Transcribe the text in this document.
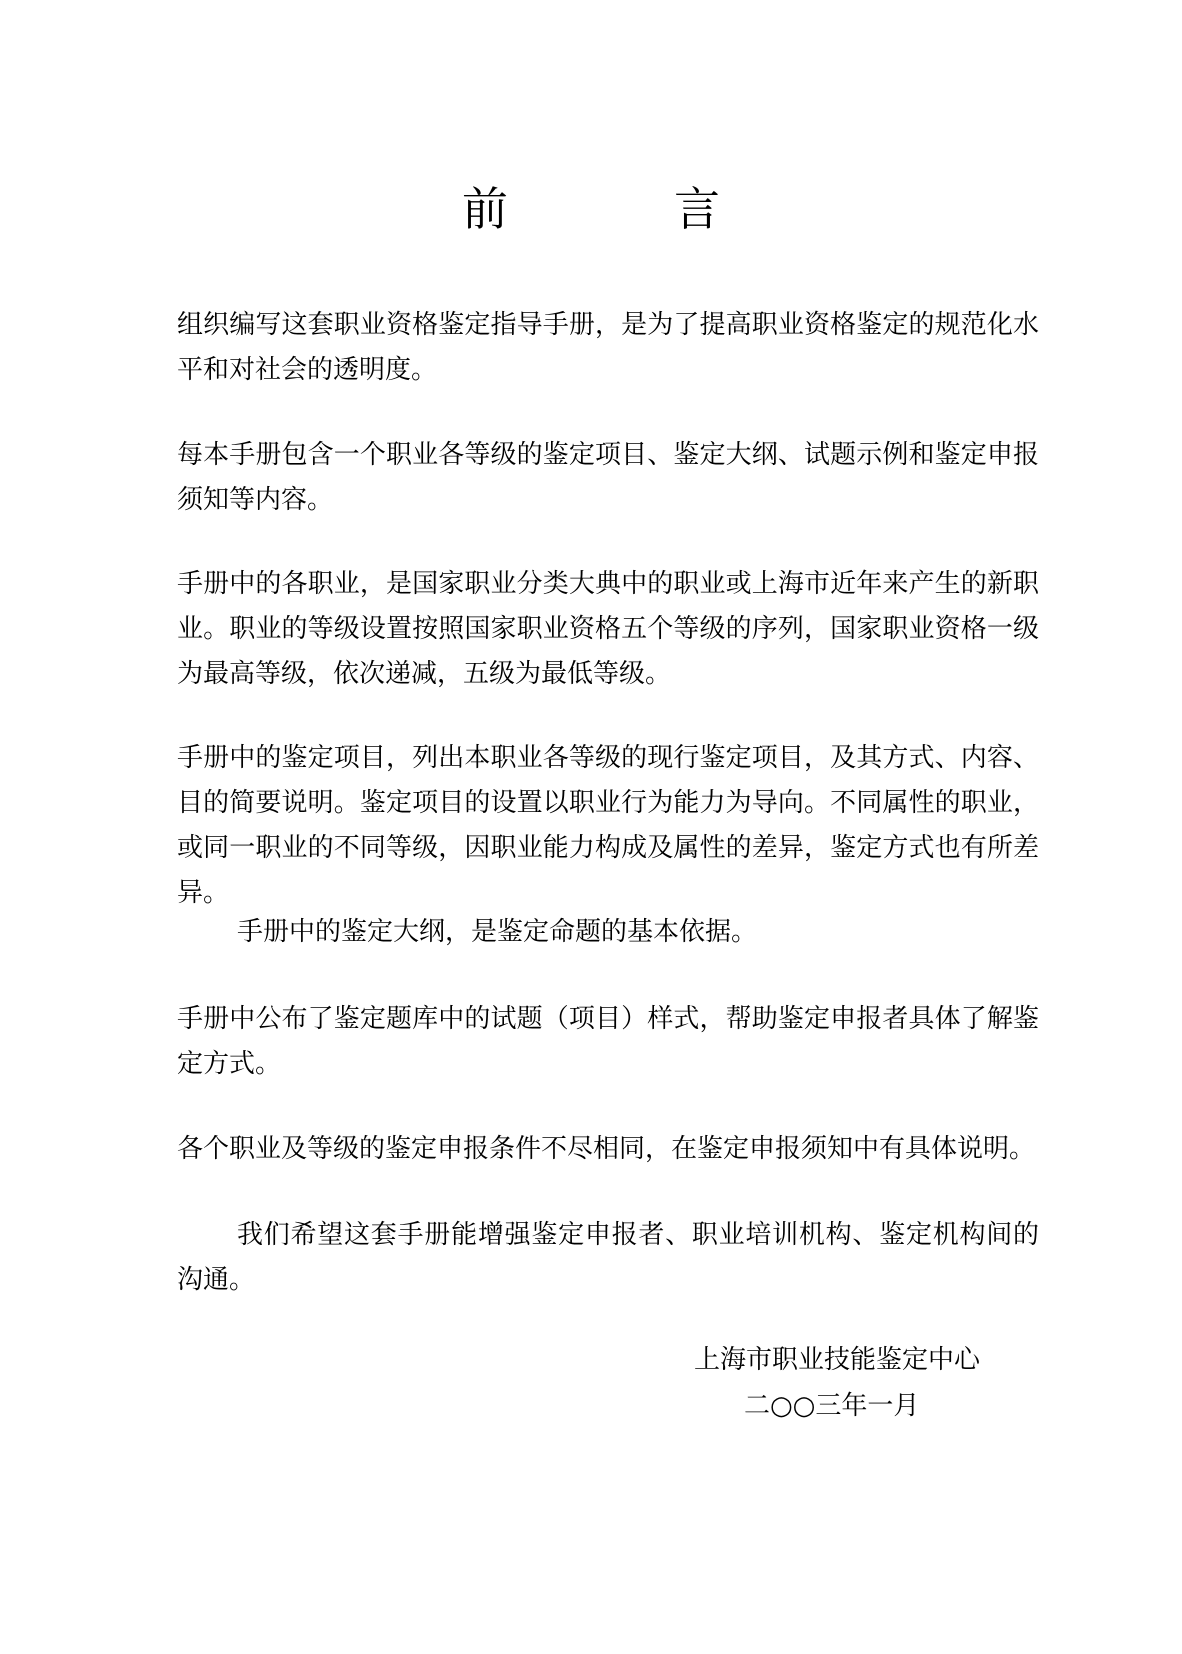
前　言
组织编写这套职业资格鉴定指导手册，是为了提高职业资格鉴定的规范化水平和对社会的透明度。
每本手册包含一个职业各等级的鉴定项目、鉴定大纲、试题示例和鉴定申报须知等内容。
手册中的各职业，是国家职业分类大典中的职业或上海市近年来产生的新职业。职业的等级设置按照国家职业资格五个等级的序列，国家职业资格一级为最高等级，依次递减，五级为最低等级。
手册中的鉴定项目，列出本职业各等级的现行鉴定项目，及其方式、内容、目的简要说明。鉴定项目的设置以职业行为能力为导向。不同属性的职业，或同一职业的不同等级，因职业能力构成及属性的差异，鉴定方式也有所差异。
手册中的鉴定大纲，是鉴定命题的基本依据。
手册中公布了鉴定题库中的试题（项目）样式，帮助鉴定申报者具体了解鉴定方式。
各个职业及等级的鉴定申报条件不尽相同，在鉴定申报须知中有具体说明。
我们希望这套手册能增强鉴定申报者、职业培训机构、鉴定机构间的沟通。
上海市职业技能鉴定中心
二○○三年一月
